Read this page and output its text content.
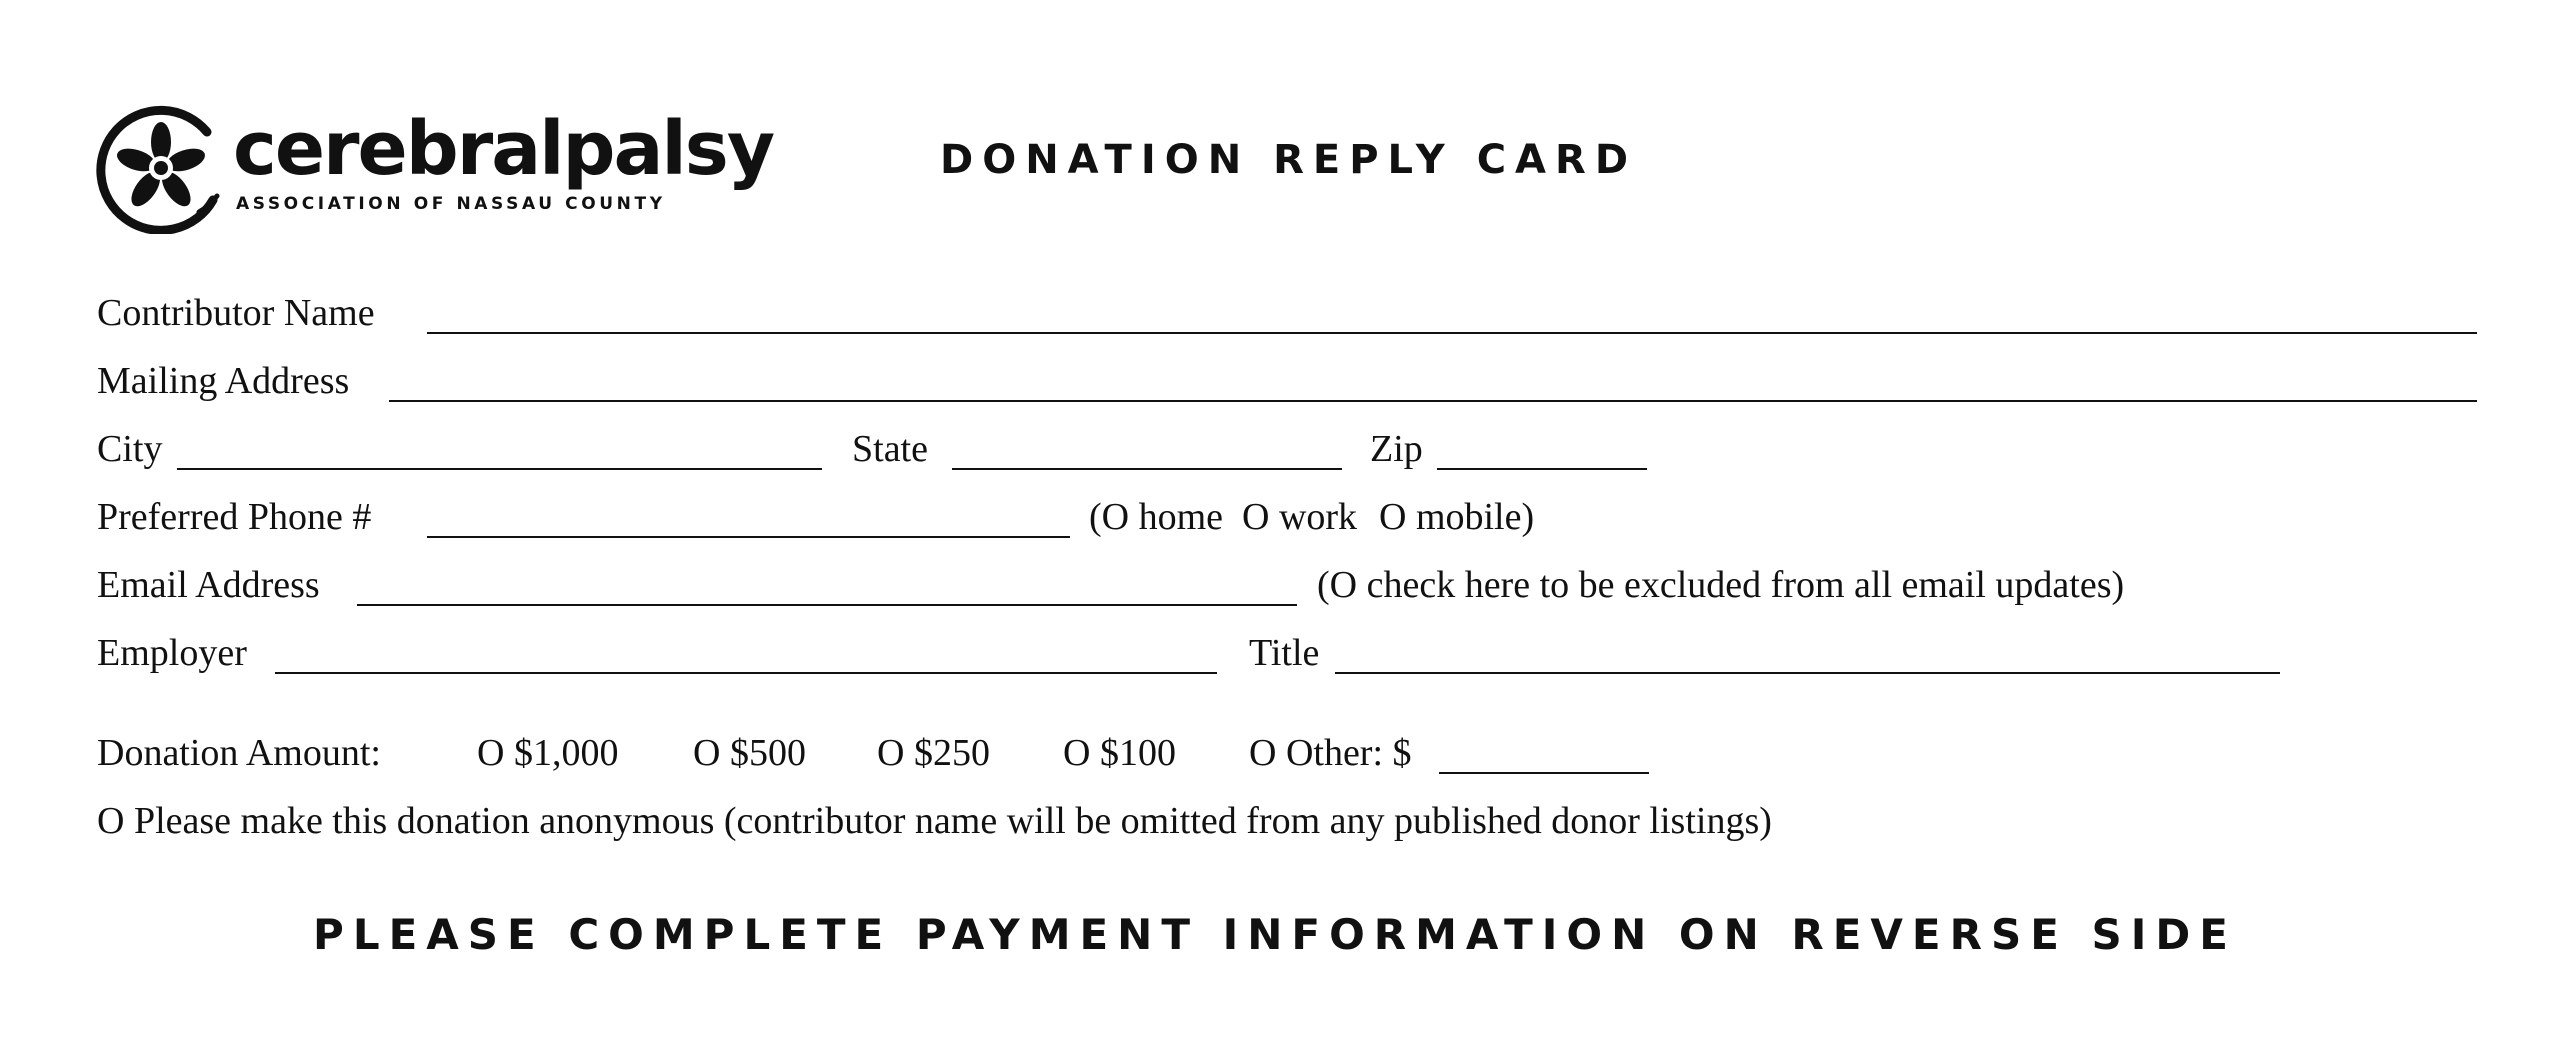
cerebralpalsy
ASSOCIATION OF NASSAU COUNTY
DONATION REPLY CARD
Contributor Name
Mailing Address
City	State	Zip
Preferred Phone #	(O home O work O mobile)
Email Address	(O check here to be excluded from all email updates)
Employer	Title
Donation Amount:	O $1,000 O $500 O $250 O $100 O Other: $
O Please make this donation anonymous (contributor name will be omitted from any published donor listings)
PLEASE COMPLETE PAYMENT INFORMATION ON REVERSE SIDE
